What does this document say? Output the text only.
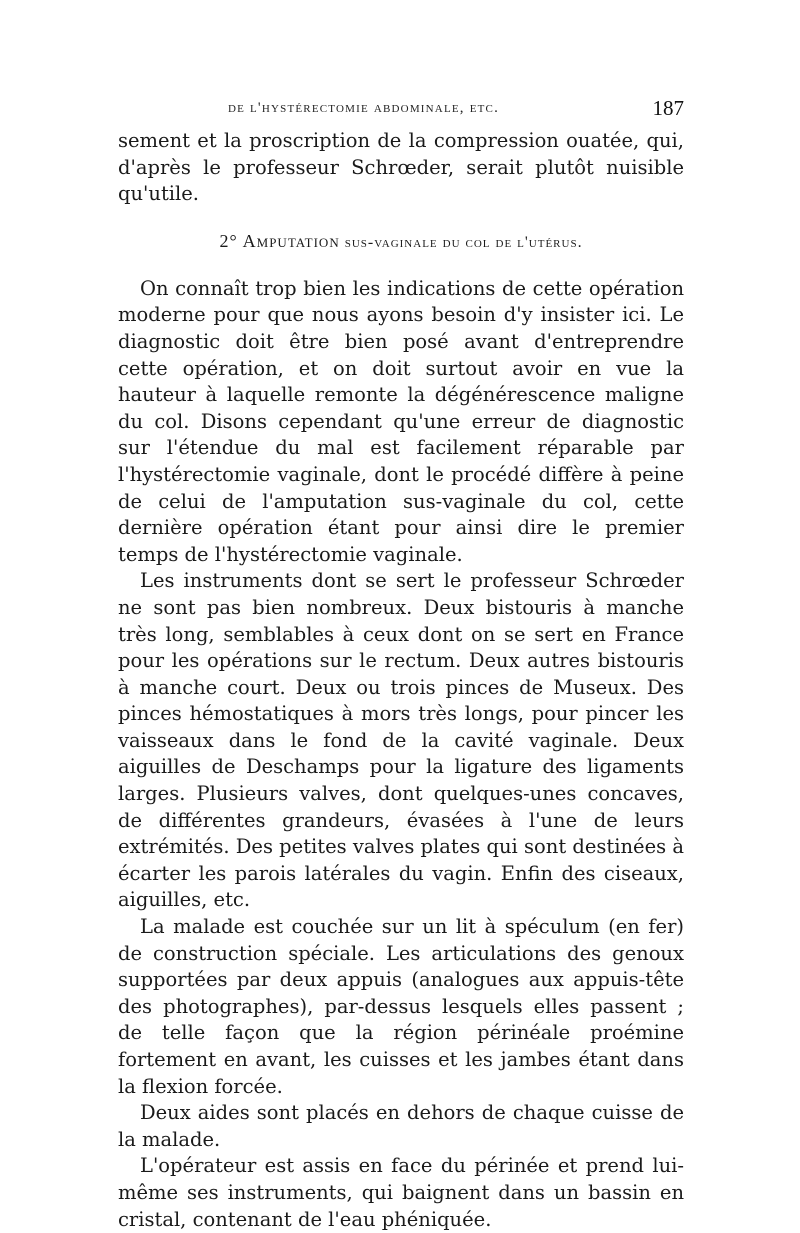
de l'hystérectomie abdominale, etc.	187

sement et la proscription de la compression ouatée, qui, d'après le professeur Schrœder, serait plutôt nuisible qu'utile.

2° Amputation sus-vaginale du col de l'utérus.

On connaît trop bien les indications de cette opération moderne pour que nous ayons besoin d'y insister ici. Le diagnostic doit être bien posé avant d'entreprendre cette opération, et on doit surtout avoir en vue la hauteur à laquelle remonte la dégénérescence maligne du col. Disons cependant qu'une erreur de diagnostic sur l'étendue du mal est facilement réparable par l'hystérectomie vaginale, dont le procédé diffère à peine de celui de l'amputation sus-vaginale du col, cette dernière opération étant pour ainsi dire le premier temps de l'hystérectomie vaginale.

Les instruments dont se sert le professeur Schrœder ne sont pas bien nombreux. Deux bistouris à manche très long, semblables à ceux dont on se sert en France pour les opérations sur le rectum. Deux autres bistouris à manche court. Deux ou trois pinces de Museux. Des pinces hémostatiques à mors très longs, pour pincer les vaisseaux dans le fond de la cavité vaginale. Deux aiguilles de Deschamps pour la ligature des ligaments larges. Plusieurs valves, dont quelques-unes concaves, de différentes grandeurs, évasées à l'une de leurs extrémités. Des petites valves plates qui sont destinées à écarter les parois latérales du vagin. Enfin des ciseaux, aiguilles, etc.

La malade est couchée sur un lit à spéculum (en fer) de construction spéciale. Les articulations des genoux supportées par deux appuis (analogues aux appuis-tête des photographes), par-dessus lesquels elles passent ; de telle façon que la région périnéale proémine fortement en avant, les cuisses et les jambes étant dans la flexion forcée.

Deux aides sont placés en dehors de chaque cuisse de la malade.

L'opérateur est assis en face du périnée et prend lui-même ses instruments, qui baignent dans un bassin en cristal, contenant de l'eau phéniquée.
